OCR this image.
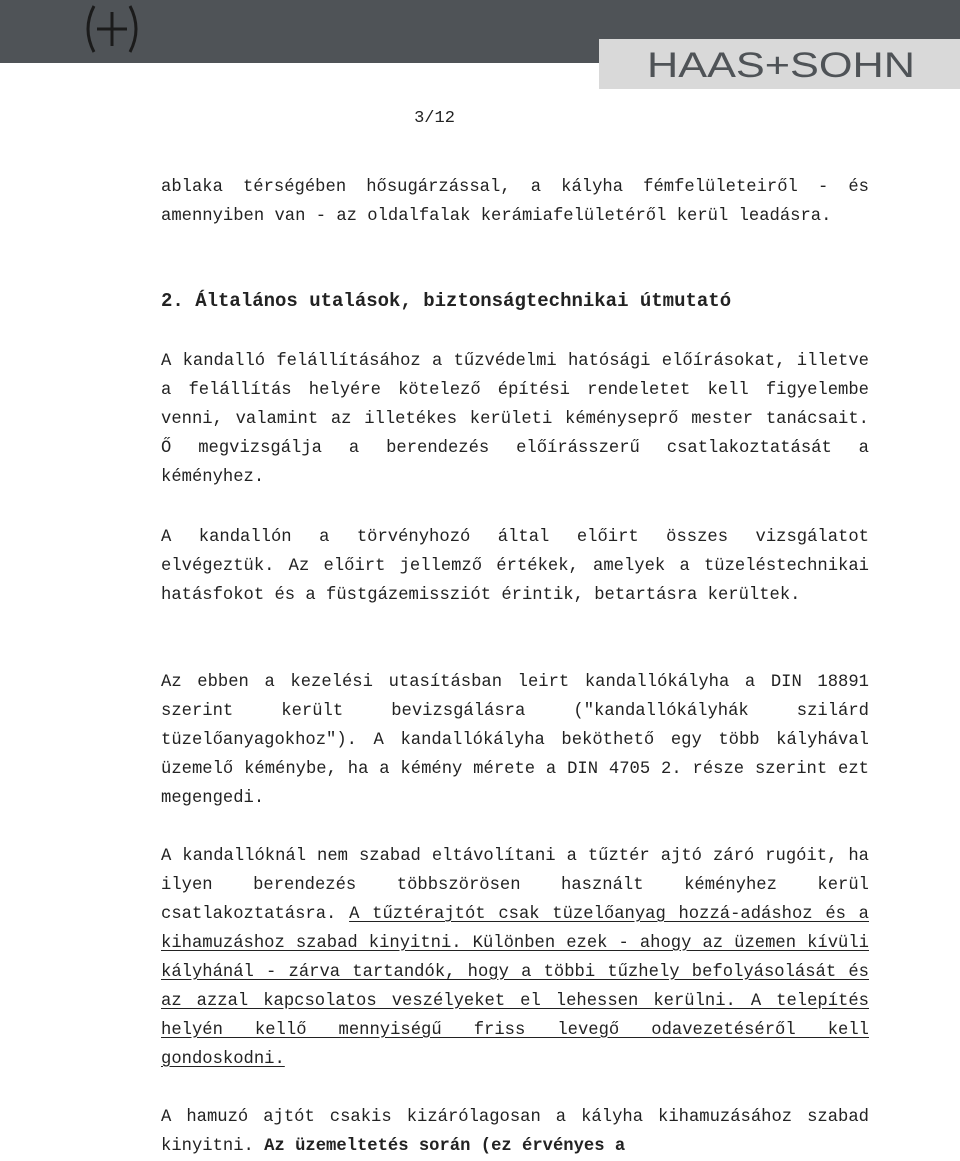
HAAS+SOHN
3/12
ablaka térségében hősugárzással, a kályha fémfelületeiről - és amennyiben van - az oldalfalak kerámiafelületéről kerül leadásra.
2. Általános utalások, biztonságtechnikai útmutató
A kandalló felállításához a tűzvédelmi hatósági előírásokat, illetve a felállítás helyére kötelező építési rendeletet kell figyelembe venni, valamint az illetékes kerületi kéményseprő mester tanácsait. Ő megvizsgálja a berendezés előírásszerű csatlakoztatását a kéményhez.
A kandallón a törvényhozó által előirt összes vizsgálatot elvégeztük. Az előirt jellemző értékek, amelyek a tüzeléstechnikai hatásfokot és a füstgázemissziót érintik, betartásra kerültek.
Az ebben a kezelési utasításban leirt kandallókályha a DIN 18891 szerint került bevizsgálásra ("kandallókályhák szilárd tüzelőanyagokhoz"). A kandallókályha beköthető egy több kályhával üzemelő kéménybe, ha a kémény mérete a DIN 4705 2. része szerint ezt megengedi.
A kandallóknál nem szabad eltávolítani a tűztér ajtó záró rugóit, ha ilyen berendezés többszörösen használt kéményhez kerül csatlakoztatásra. A tűztérajtót csak tüzelőanyag hozzá-adáshoz és a kihamuzáshoz szabad kinyitni. Különben ezek - ahogy az üzemen kívüli kályhánál - zárva tartandók, hogy a többi tűzhely befolyásolását és az azzal kapcsolatos veszélyeket el lehessen kerülni. A telepítés helyén kellő mennyiségű friss levegő odavezetéséről kell gondoskodni.
A hamuzó ajtót csakis kizárólagosan a kályha kihamuzásához szabad kinyitni. Az üzemeltetés során (ez érvényes a
